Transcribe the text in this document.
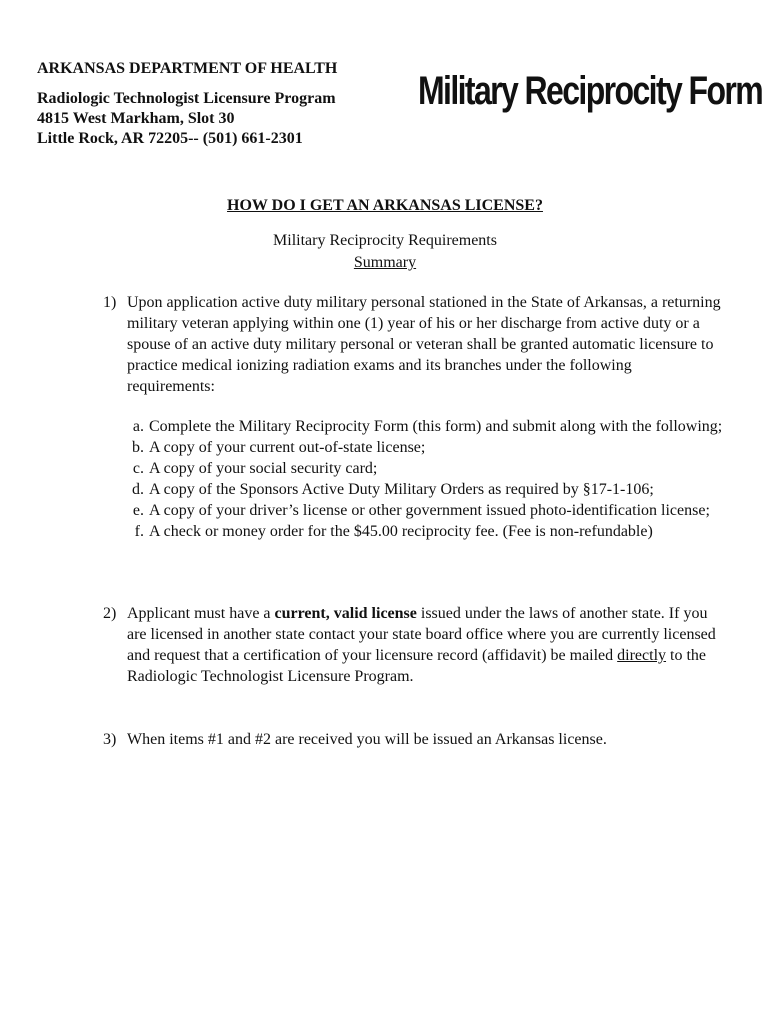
ARKANSAS DEPARTMENT OF HEALTH
Radiologic Technologist Licensure Program
4815 West Markham, Slot 30
Little Rock, AR 72205-- (501) 661-2301
Military Reciprocity Form
HOW DO I GET AN ARKANSAS LICENSE?
Military Reciprocity Requirements
Summary
1) Upon application active duty military personal stationed in the State of Arkansas, a returning military veteran applying within one (1) year of his or her discharge from active duty or a spouse of an active duty military personal or veteran shall be granted automatic licensure to practice medical ionizing radiation exams and its branches under the following requirements:
a. Complete the Military Reciprocity Form (this form) and submit along with the following;
b. A copy of your current out-of-state license;
c. A copy of your social security card;
d. A copy of the Sponsors Active Duty Military Orders as required by §17-1-106;
e. A copy of your driver’s license or other government issued photo-identification license;
f. A check or money order for the $45.00 reciprocity fee. (Fee is non-refundable)
2) Applicant must have a current, valid license issued under the laws of another state. If you are licensed in another state contact your state board office where you are currently licensed and request that a certification of your licensure record (affidavit) be mailed directly to the Radiologic Technologist Licensure Program.
3) When items #1 and #2 are received you will be issued an Arkansas license.
